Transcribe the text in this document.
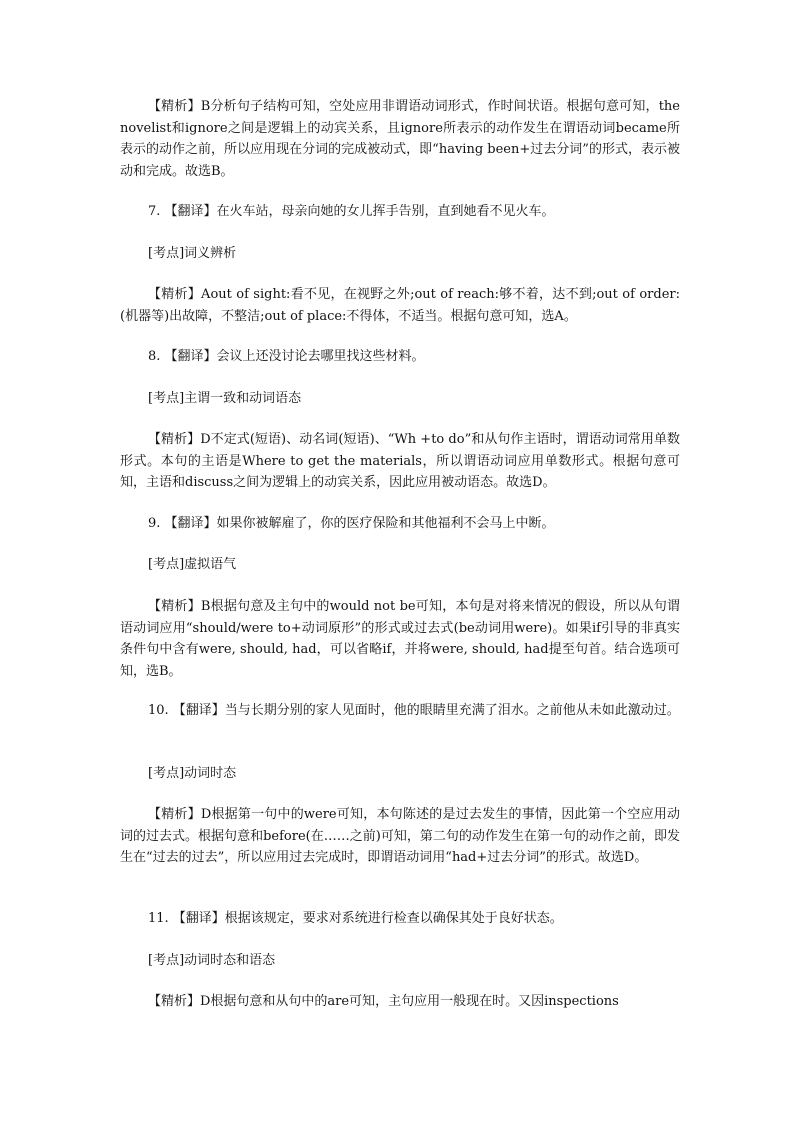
【精析】B分析句子结构可知，空处应用非谓语动词形式，作时间状语。根据句意可知，the novelist和ignore之间是逻辑上的动宾关系，且ignore所表示的动作发生在谓语动词became所表示的动作之前，所以应用现在分词的完成被动式，即“having been+过去分词”的形式，表示被动和完成。故选B。

7. 【翻译】在火车站，母亲向她的女儿挥手告别，直到她看不见火车。

[考点]词义辨析

【精析】Aout of sight:看不见，在视野之外;out of reach:够不着，达不到;out of order: (机器等)出故障，不整洁;out of place:不得体，不适当。根据句意可知，选A。

8. 【翻译】会议上还没讨论去哪里找这些材料。

[考点]主谓一致和动词语态

【精析】D不定式(短语)、动名词(短语)、“Wh +to do”和从句作主语时，谓语动词常用单数形式。本句的主语是Where to get the materials，所以谓语动词应用单数形式。根据句意可知，主语和discuss之间为逻辑上的动宾关系，因此应用被动语态。故选D。

9. 【翻译】如果你被解雇了，你的医疗保险和其他福利不会马上中断。

[考点]虚拟语气

【精析】B根据句意及主句中的would not be可知，本句是对将来情况的假设，所以从句谓语动词应用“should/were to+动词原形”的形式或过去式(be动词用were)。如果if引导的非真实条件句中含有were, should, had，可以省略if，并将were, should, had提至句首。结合选项可知，选B。

10. 【翻译】当与长期分别的家人见面时，他的眼睛里充满了泪水。之前他从未如此激动过。

[考点]动词时态

【精析】D根据第一句中的were可知，本句陈述的是过去发生的事情，因此第一个空应用动词的过去式。根据句意和before(在……之前)可知，第二句的动作发生在第一句的动作之前，即发生在“过去的过去”，所以应用过去完成时，即谓语动词用“had+过去分词”的形式。故选D。

11. 【翻译】根据该规定，要求对系统进行检查以确保其处于良好状态。

[考点]动词时态和语态

【精析】D根据句意和从句中的are可知，主句应用一般现在时。又因inspections
